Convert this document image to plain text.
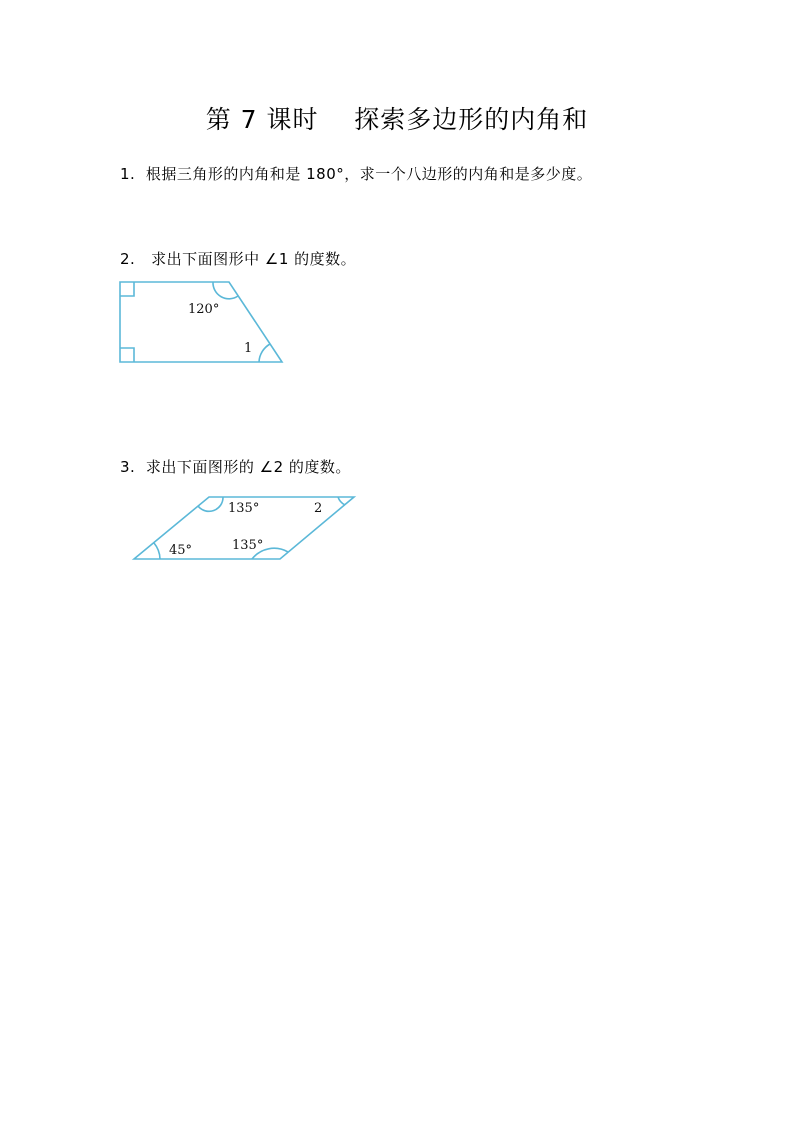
第 7 课时    探索多边形的内角和
1.  根据三角形的内角和是 180°，求一个八边形的内角和是多少度。
2.   求出下面图形中 ∠1 的度数。
3.  求出下面图形的 ∠2 的度数。
120°
1
135°	2
45°	135°
